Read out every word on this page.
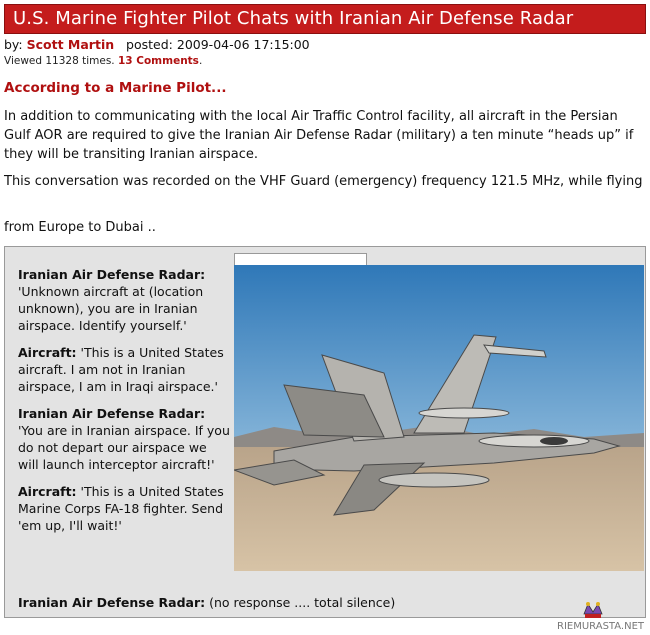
U.S. Marine Fighter Pilot Chats with Iranian Air Defense Radar
by: Scott Martin posted: 2009-04-06 17:15:00
Viewed 11328 times. 13 Comments.
According to a Marine Pilot...

In addition to communicating with the local Air Traffic Control facility, all aircraft in the Persian Gulf AOR are required to give the Iranian Air Defense Radar (military) a ten minute “heads up” if they will be transiting Iranian airspace.

This conversation was recorded on the VHF Guard (emergency) frequency 121.5 MHz, while flying

from Europe to Dubai ..

Iranian Air Defense Radar:
'Unknown aircraft at (location unknown), you are in Iranian airspace. Identify yourself.'

Aircraft: 'This is a United States aircraft. I am not in Iranian airspace, I am in Iraqi airspace.'

Iranian Air Defense Radar:
'You are in Iranian airspace. If you do not depart our airspace we will launch interceptor aircraft!'

Aircraft: 'This is a United States Marine Corps FA-18 fighter. Send 'em up, I'll wait!'

Iranian Air Defense Radar: (no response .... total silence)
RIEMURASTA.NET
